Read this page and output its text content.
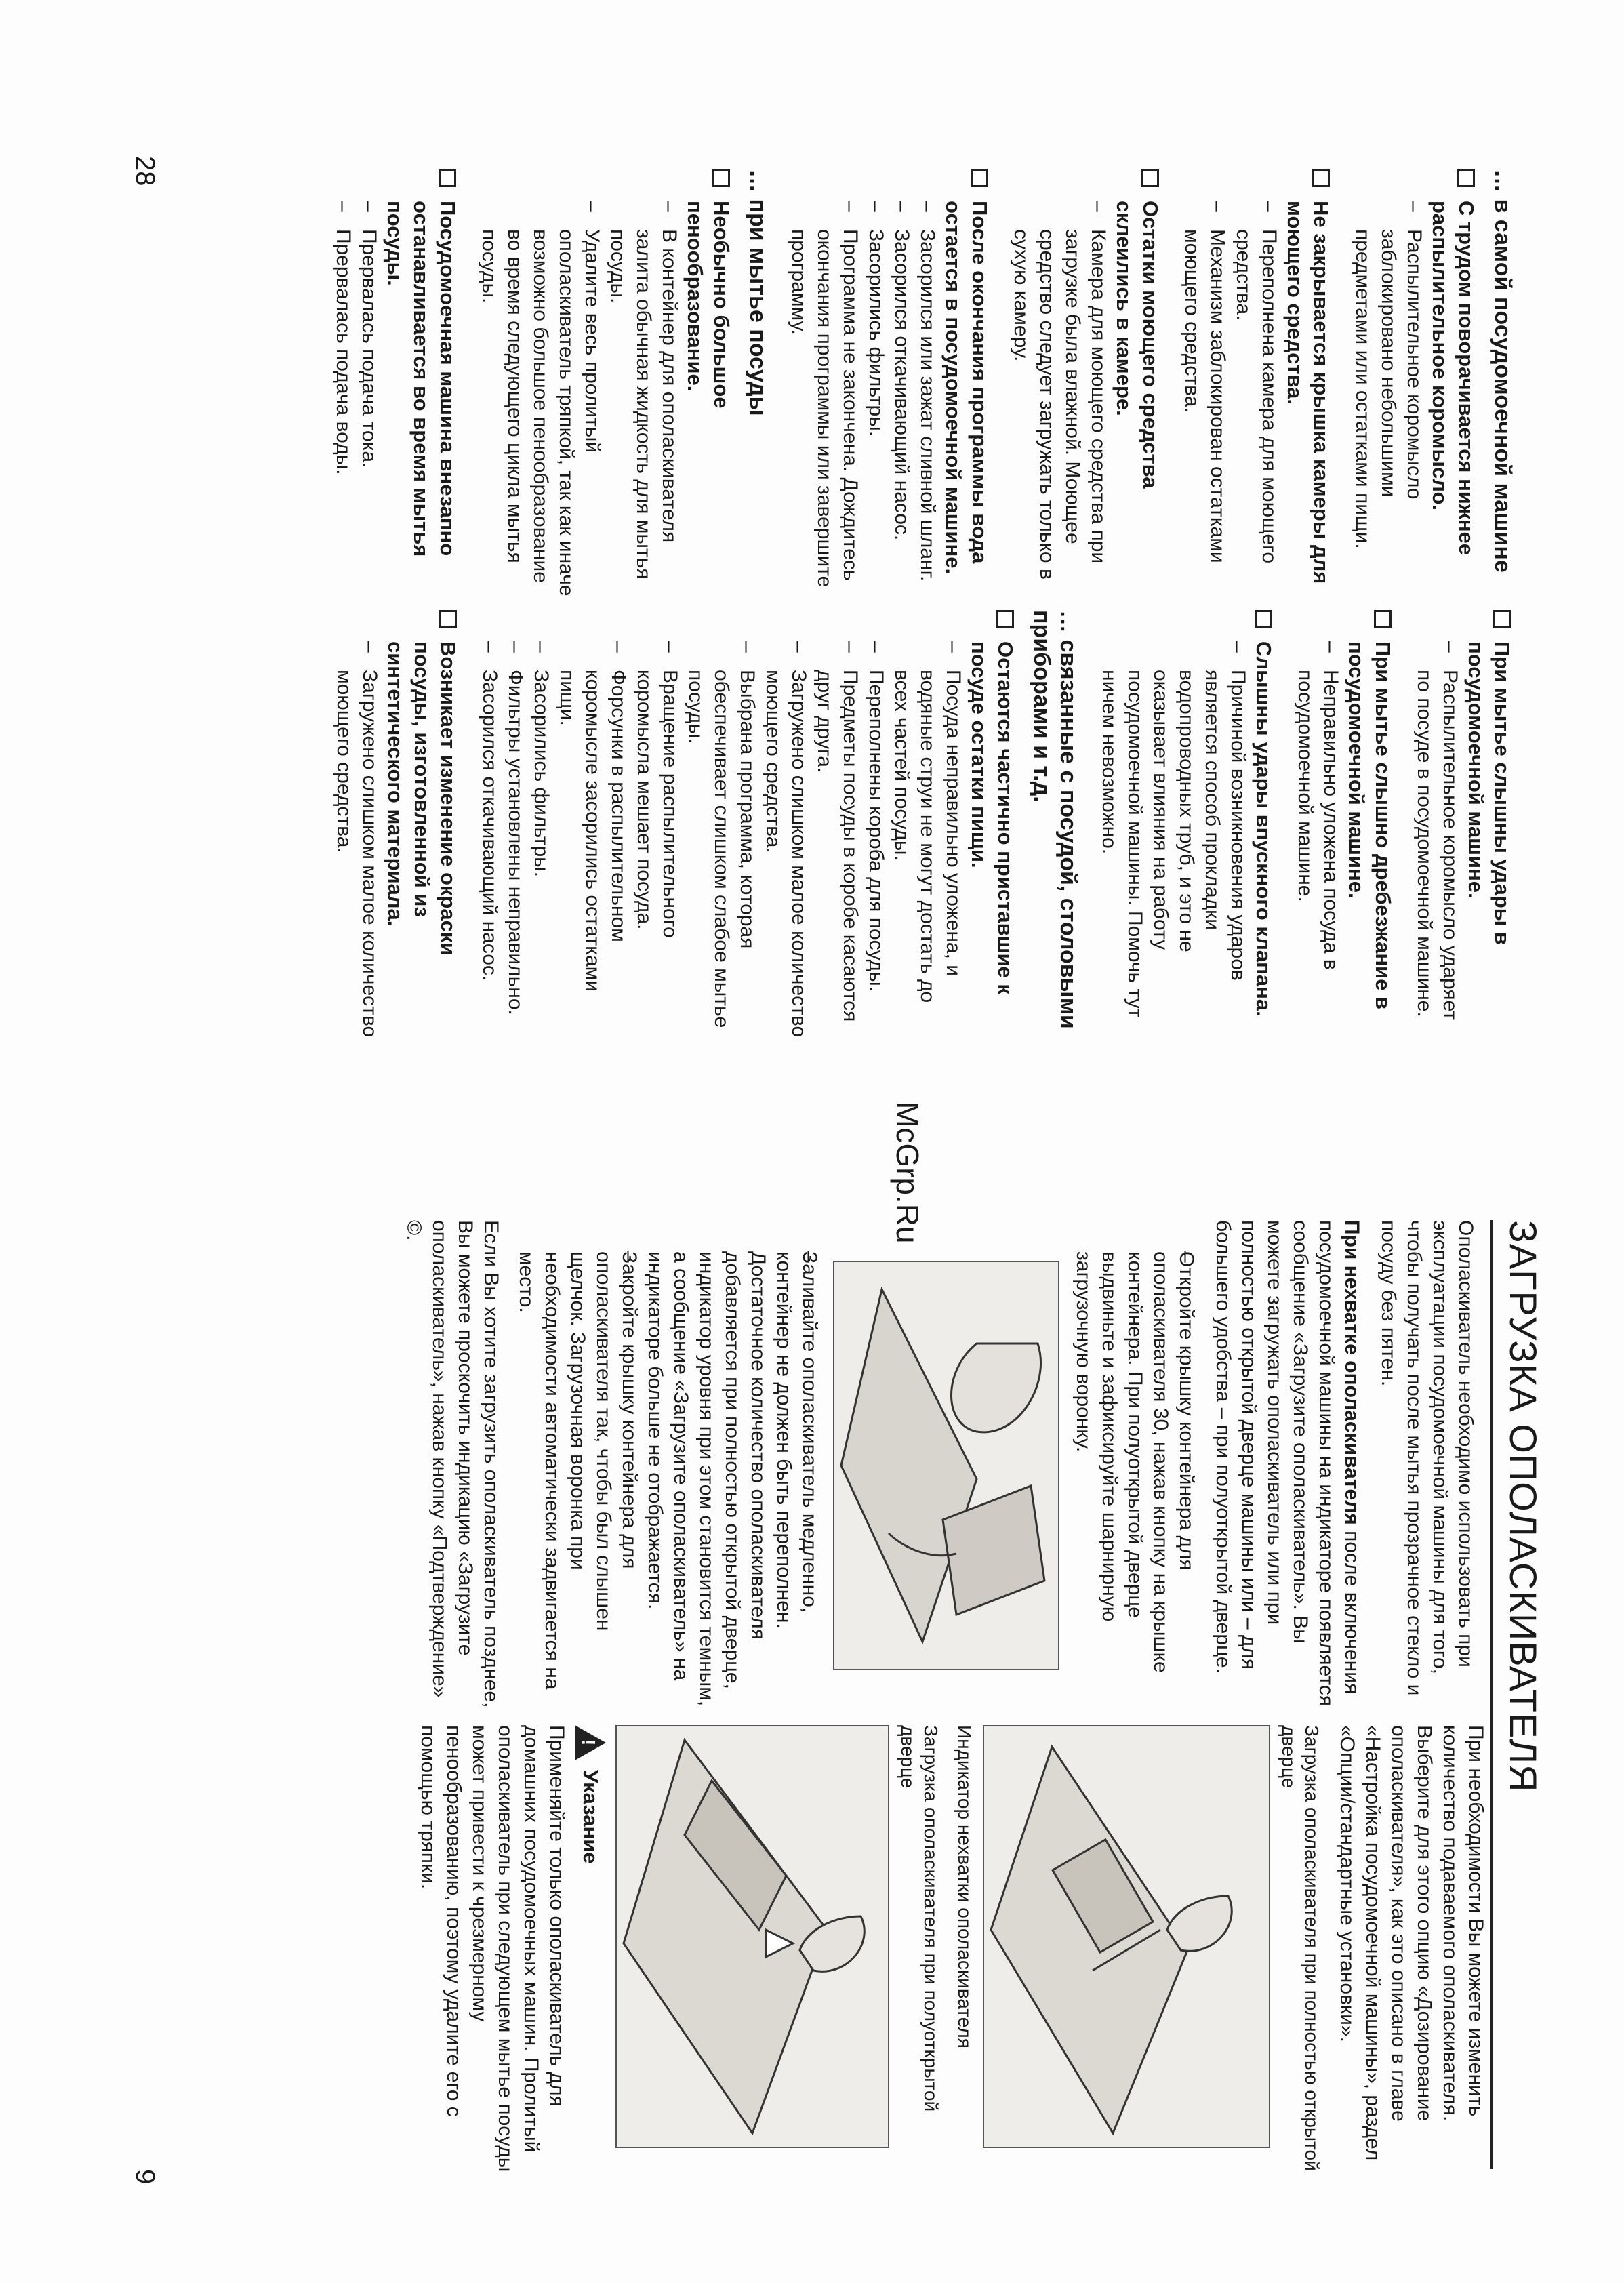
28	… в самой посудомоечной машине
С трудом поворачивается нижнее распылительное коромысло.
– Распылительное коромысло заблокировано небольшими предметами или остатками пищи.
Не закрывается крышка камеры для моющего средства.
– Переполнена камера для моющего средства.
– Механизм заблокирован остатками моющего средства.
Остатки моющего средства склеились в камере.
– Камера для моющего средства при загрузке была влажной. Моющее средство следует загружать только в сухую камеру.
После окончания программы вода остается в посудомоечной машине.
– Засорился или зажат сливной шланг.
– Засорился откачивающий насос.
– Засорились фильтры.
– Программа не закончена. Дождитесь окончания программы или завершите программу.
… при мытье посуды
Необычно большое пенообразование.
– В контейнер для ополаскивателя залита обычная жидкость для мытья посуды.
– Удалите весь пролитый ополаскиватель тряпкой, так как иначе возможно большое пенообразование во время следующего цикла мытья посуды.
Посудомоечная машина внезапно останавливается во время мытья посуды.
– Прервалась подача тока.
– Прервалась подача воды.
При мытье слышны удары в посудомоечной машине.
– Распылительное коромысло ударяет по посуде в посудомоечной машине.
При мытье слышно дребезжание в посудомоечной машине.
– Неправильно уложена посуда в посудомоечной машине.
Слышны удары впускного клапана.
– Причиной возникновения ударов является способ прокладки водопроводных труб, и это не оказывает влияния на работу посудомоечной машины. Помочь тут ничем невозможно.
… связанные с посудой, столовыми приборами и т.д.
Остаются частично приставшие к посуде остатки пищи.
– Посуда неправильно уложена, и водяные струи не могут достать до всех частей посуды.
– Переполнены короба для посуды.
– Предметы посуды в коробе касаются друг друга.
– Загружено слишком малое количество моющего средства.
– Выбрана программа, которая обеспечивает слишком слабое мытье посуды.
– Вращение распылительного коромысла мешает посуда.
– Форсунки в распылительном коромысле засорились остатками пищи.
– Засорились фильтры.
– Фильтры установлены неправильно.
– Засорился откачивающий насос.
Возникает изменение окраски посуды, изготовленной из синтетического материала.
– Загружено слишком малое количество моющего средства.
McGrp.Ru
ЗАГРУЗКА ОПОЛАСКИВАТЕЛЯ
Ополаскиватель необходимо использовать при эксплуатации посудомоечной машины для того, чтобы получать после мытья прозрачное стекло и посуду без пятен.
При нехватке ополаскивателя после включения посудомоечной машины на индикаторе появляется сообщение «Загрузите ополаскиватель». Вы можете загружать ополаскиватель или при полностью открытой дверце машины или – для большего удобства – при полуоткрытой дверце.
– Откройте крышку контейнера для ополаскивателя 30, нажав кнопку на крышке контейнера. При полуоткрытой дверце выдвиньте и зафиксируйте шарнирную загрузочную воронку.
– Заливайте ополаскиватель медленно, контейнер не должен быть переполнен. Достаточное количество ополаскивателя добавляется при полностью открытой дверце, индикатор уровня при этом становится темным, а сообщение «Загрузите ополаскиватель» на индикаторе больше не отображается.
– Закройте крышку контейнера для ополаскивателя так, чтобы был слышен щелчок. Загрузочная воронка при необходимости автоматически задвигается на место.
Если Вы хотите загрузить ополаскиватель позднее, Вы можете проскочить индикацию «Загрузите ополаскиватель», нажав кнопку «Подтверждение» ©.
При необходимости Вы можете изменить количество подаваемого ополаскивателя. Выберите для этого опцию «Дозирование ополаскивателя», как это описано в главе «Настройка посудомоечной машины», раздел «Опции/стандартные установки».
Загрузка ополаскивателя при полностью открытой дверце
Индикатор нехватки ополаскивателя
Загрузка ополаскивателя при полуоткрытой дверце
!
Указание
Применяйте только ополаскиватель для домашних посудомоечных машин. Пролитый ополаскиватель при следующем мытье посуды может привести к чрезмерному пенообразованию, поэтому удалите его с помощью тряпки.
9
